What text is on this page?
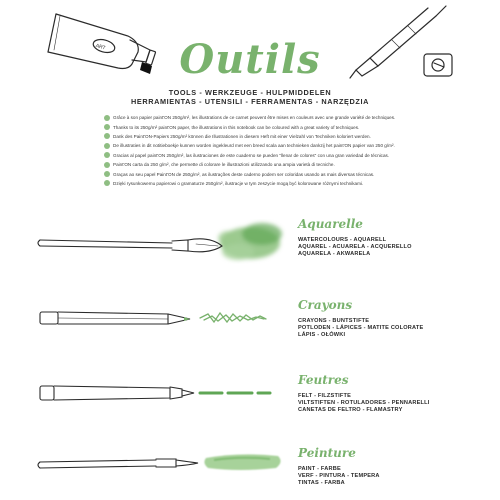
ART	Outils
TOOLS - WERKZEUGE - HULPMIDDELEN
HERRAMIENTAS - UTENSILI - FERRAMENTAS - NARZĘDZIA
Grâce à son papier paint'ON 250g/m², les illustrations de ce carnet peuvent être mises en couleurs avec une grande variété de techniques.
Thanks to its 250g/m² paint'ON paper, the illustrations in this notebook can be coloured with a great variety of techniques.
Dank des Paint'ON-Papiers 250g/m² können die Illustrationen in diesem Heft mit einer Vielzahl von Techniken koloriert werden.
De illustraties in dit notitieboekje kunnen worden ingekleurd met een breed scala aan technieken dankzij het paint'ON papier van 250 g/m².
Gracias al papel paint'ON 250g/m², las ilustraciones de este cuaderno se pueden "llenar de colores" con una gran variedad de técnicas.
Paint'ON carta da 250 g/m², che permette di colorare le illustrazioni utilizzando una ampia varietà di tecniche.
Graças ao seu papel Paint'ON de 250g/m², as ilustrações deste caderno podem ser coloridas usando as mais diversas técnicas.
Dzięki rysunkowemu papierowi o gramaturze 250g/m², ilustracje w tym zeszycie mogą być kolorowane różnymi technikami.
Aquarelle
WATERCOLOURS - AQUARELL
AQUAREL - ACUARELA - ACQUERELLO
AQUARELA - AKWARELA
Crayons
CRAYONS - BUNTSTIFTE
POTLODEN - LÁPICES - MATITE COLORATE
LÁPIS - OŁÓWKI
Feutres
FELT - FILZSTIFTE
VILTSTIFTEN - ROTULADORES - PENNARELLI
CANETAS DE FELTRO - FLAMASTRY
Peinture
PAINT - FARBE
VERF - PINTURA - TEMPERA
TINTAS - FARBA
